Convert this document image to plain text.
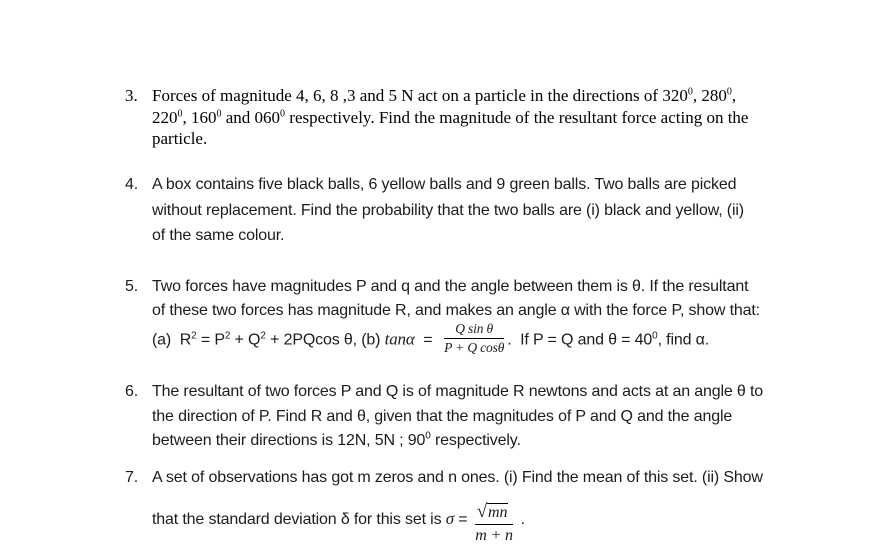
3. Forces of magnitude 4, 6, 8 ,3 and 5 N act on a particle in the directions of $320^0$, $280^0$,
$220^0$, $160^0$ and $060^0$ respectively. Find the magnitude of the resultant force acting on the
particle.
4. A box contains five black balls, 6 yellow balls and 9 green balls. Two balls are picked
without replacement. Find the probability that the two balls are (i) black and yellow, (ii)
of the same colour.
5. Two forces have magnitudes P and q and the angle between them is θ. If the resultant
of these two forces has magnitude R, and makes an angle α with the force P, show that:
(a)  $R^2 = P^2 + Q^2 + 2PQcos$ θ, (b) $\tan\alpha = \frac{\text{Q sin θ}}{\text{P + Q cosθ}}$ .  If P = Q and $\theta = 40^0$, find α.
6. The resultant of two forces P and Q is of magnitude R newtons and acts at an angle θ to
the direction of P. Find R and θ, given that the magnitudes of P and Q and the angle
between their directions is 12N, 5N ; $90^0$ respectively.
7. A set of observations has got m zeros and n ones. (i) Find the mean of this set. (ii) Show
that the standard deviation δ for this set is $\sigma = \frac{√mn}{m + n}$ .
